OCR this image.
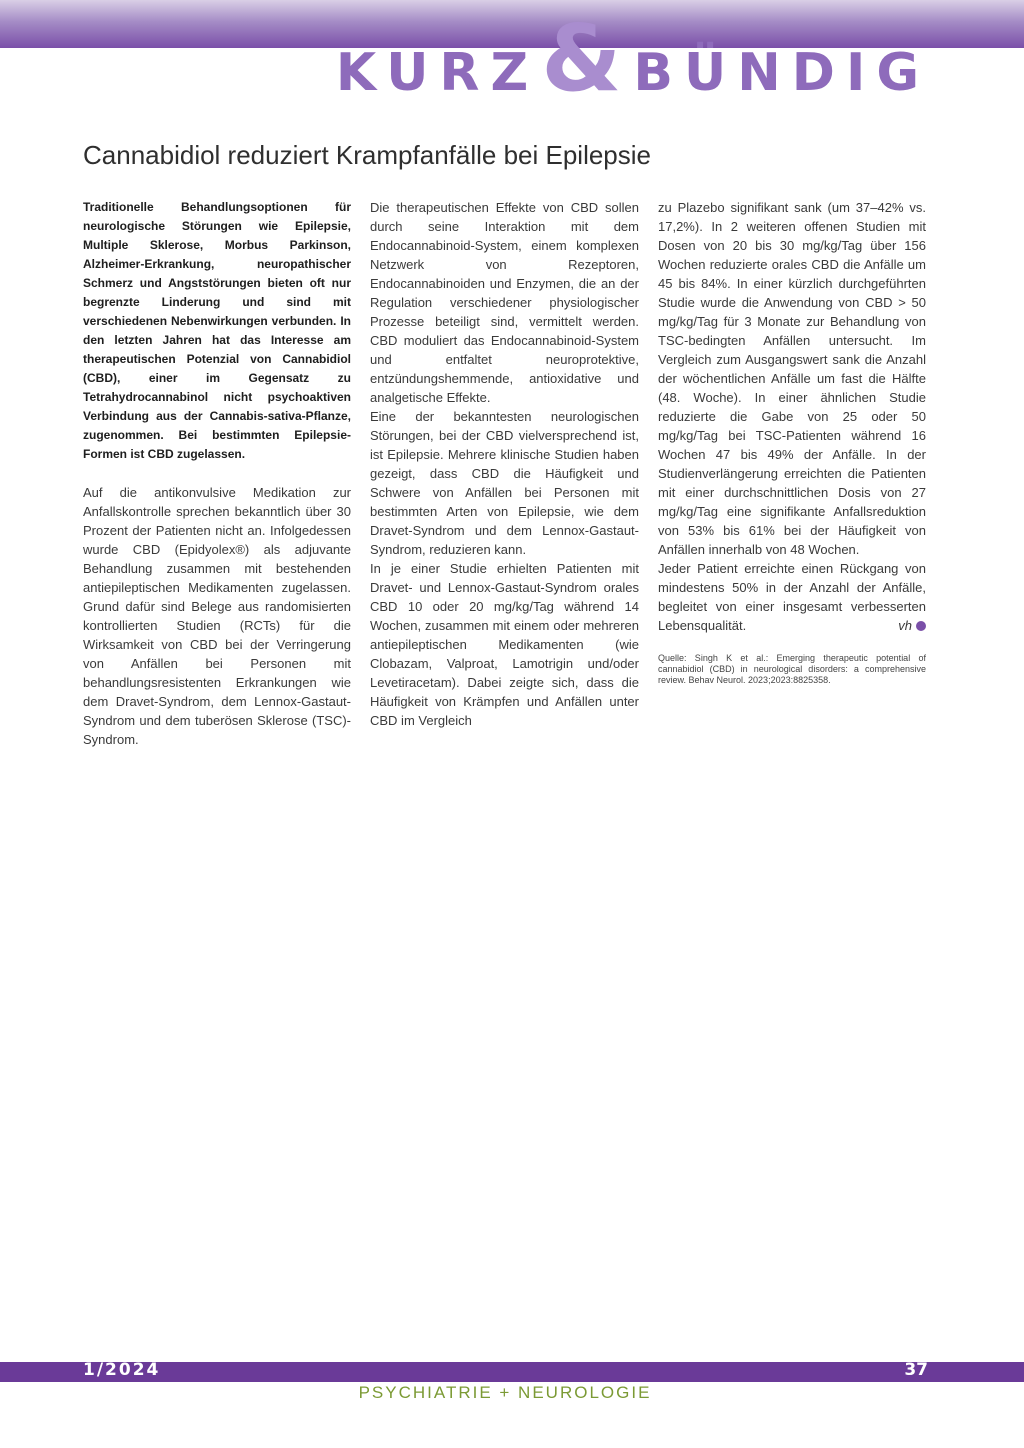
KURZ& BÜNDIG
Cannabidiol reduziert Krampfanfälle bei Epilepsie

Traditionelle Behandlungsoptionen für neurologische Störungen wie Epilepsie, Multiple Sklerose, Morbus Parkinson, Alzheimer-Erkrankung, neuropathischer Schmerz und Angststörungen bieten oft nur begrenzte Linderung und sind mit verschiedenen Nebenwirkungen verbunden. In den letzten Jahren hat das Interesse am therapeutischen Potenzial von Cannabidiol (CBD), einer im Gegensatz zu Tetrahydrocannabinol nicht psychoaktiven Verbindung aus der Cannabis-sativa-Pflanze, zugenommen. Bei bestimmten Epilepsie-Formen ist CBD zugelassen.

Auf die antikonvulsive Medikation zur Anfallskontrolle sprechen bekanntlich über 30 Prozent der Patienten nicht an. Infolgedessen wurde CBD (Epidyolex®) als adjuvante Behandlung zusammen mit bestehenden antiepileptischen Medikamenten zugelassen. Grund dafür sind Belege aus randomisierten kontrollierten Studien (RCTs) für die Wirksamkeit von CBD bei der Verringerung von Anfällen bei Personen mit behandlungsresistenten Erkrankungen wie dem Dravet-Syndrom, dem Lennox-Gastaut-Syndrom und dem tuberösen Sklerose (TSC)-Syndrom.

Die therapeutischen Effekte von CBD sollen durch seine Interaktion mit dem Endocannabinoid-System, einem komplexen Netzwerk von Rezeptoren, Endocannabinoiden und Enzymen, die an der Regulation verschiedener physiologischer Prozesse beteiligt sind, vermittelt werden. CBD moduliert das Endocannabinoid-System und entfaltet neuroprotektive, entzündungshemmende, antioxidative und analgetische Effekte.

Eine der bekanntesten neurologischen Störungen, bei der CBD vielversprechend ist, ist Epilepsie. Mehrere klinische Studien haben gezeigt, dass CBD die Häufigkeit und Schwere von Anfällen bei Personen mit bestimmten Arten von Epilepsie, wie dem Dravet-Syndrom und dem Lennox-Gastaut-Syndrom, reduzieren kann.

In je einer Studie erhielten Patienten mit Dravet- und Lennox-Gastaut-Syndrom orales CBD 10 oder 20 mg/kg/Tag während 14 Wochen, zusammen mit einem oder mehreren antiepileptischen Medikamenten (wie Clobazam, Valproat, Lamotrigin und/oder Levetiracetam). Dabei zeigte sich, dass die Häufigkeit von Krämpfen und Anfällen unter CBD im Vergleich

zu Plazebo signifikant sank (um 37–42% vs. 17,2%). In 2 weiteren offenen Studien mit Dosen von 20 bis 30 mg/kg/Tag über 156 Wochen reduzierte orales CBD die Anfälle um 45 bis 84%. In einer kürzlich durchgeführten Studie wurde die Anwendung von CBD > 50 mg/kg/Tag für 3 Monate zur Behandlung von TSC-bedingten Anfällen untersucht. Im Vergleich zum Ausgangswert sank die Anzahl der wöchentlichen Anfälle um fast die Hälfte (48. Woche). In einer ähnlichen Studie reduzierte die Gabe von 25 oder 50 mg/kg/Tag bei TSC-Patienten während 16 Wochen 47 bis 49% der Anfälle. In der Studienverlängerung erreichten die Patienten mit einer durchschnittlichen Dosis von 27 mg/kg/Tag eine signifikante Anfallsreduktion von 53% bis 61% bei der Häufigkeit von Anfällen innerhalb von 48 Wochen.

Jeder Patient erreichte einen Rückgang von mindestens 50% in der Anzahl der Anfälle, begleitet von einer insgesamt verbesserten Lebensqualität.	vh

Quelle: Singh K et al.: Emerging therapeutic potential of cannabidiol (CBD) in neurological disorders: a comprehensive review. Behav Neurol. 2023;2023:8825358.

1/2024	37
PSYCHIATRIE + NEUROLOGIE
